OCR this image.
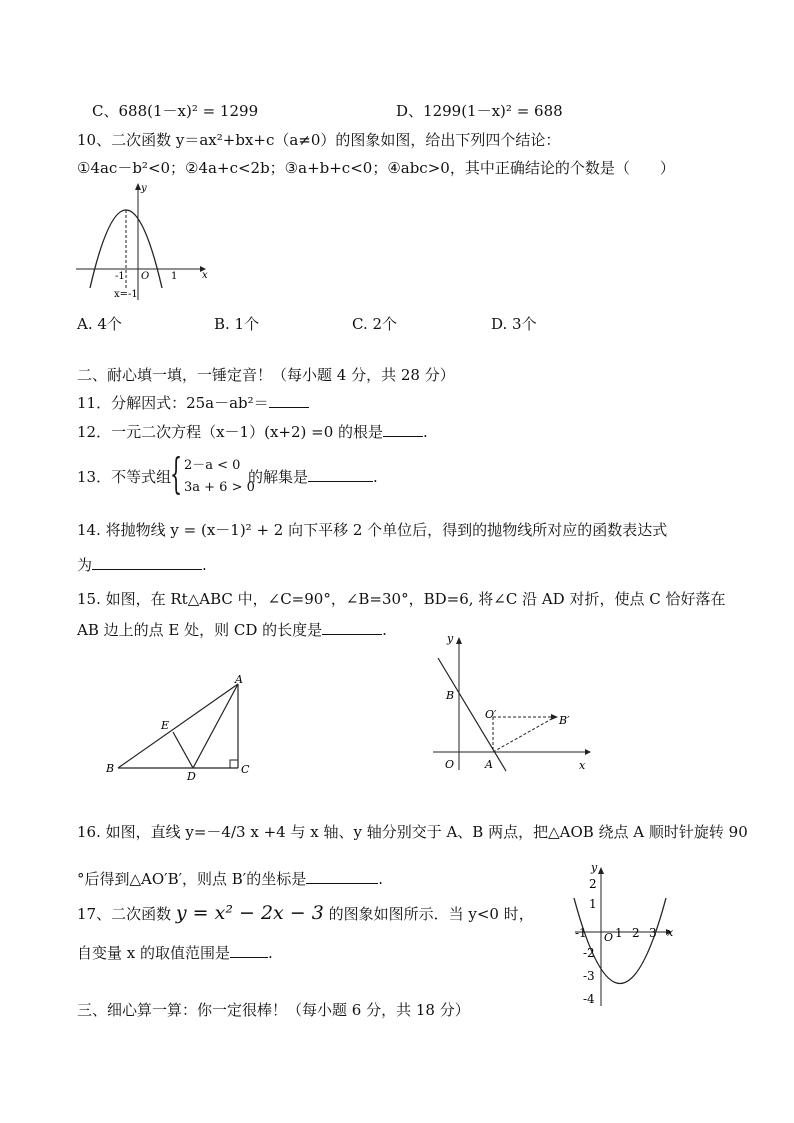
C、688(1－x)² = 1299	D、1299(1－x)² = 688
10、二次函数 y＝ax²+bx+c（a≠0）的图象如图，给出下列四个结论：
①4ac－b²<0；②4a+c<2b；③a+b+c<0；④abc>0，其中正确结论的个数是（　　）
y
x
O
-1	1
x=-1
A. 4个	B. 1个	C. 2个	D. 3个
二、耐心填一填，一锤定音！（每小题 4 分，共 28 分）
11．分解因式：25a－ab²＝
12．一元二次方程（x－1）(x+2) =0 的根是	.
13．不等式组
{ 2－a < 0
3a + 6 > 0
的解集是	.
14. 将抛物线 y = (x－1)² + 2 向下平移 2 个单位后，得到的抛物线所对应的函数表达式
为	.
15. 如图，在 Rt△ABC 中，∠C=90°，∠B=30°，BD=6, 将∠C 沿 AD 对折，使点 C 恰好落在
AB 边上的点 E 处，则 CD 的长度是	.
A
B	C
D
E
y
x
B
O′	B′
O	A
16. 如图，直线 y=－4/3 x +4 与 x 轴、y 轴分别交于 A、B 两点，把△AOB 绕点 A 顺时针旋转 90
°后得到△AO′B′，则点 B′的坐标是	.
17、二次函数 y = x² − 2x − 3 的图象如图所示．当 y<0 时，
自变量 x 的取值范围是	.
y
x
O
2
1
-2
-3
-4
-1 1 2 3
三、细心算一算：你一定很棒！（每小题 6 分，共 18 分）
